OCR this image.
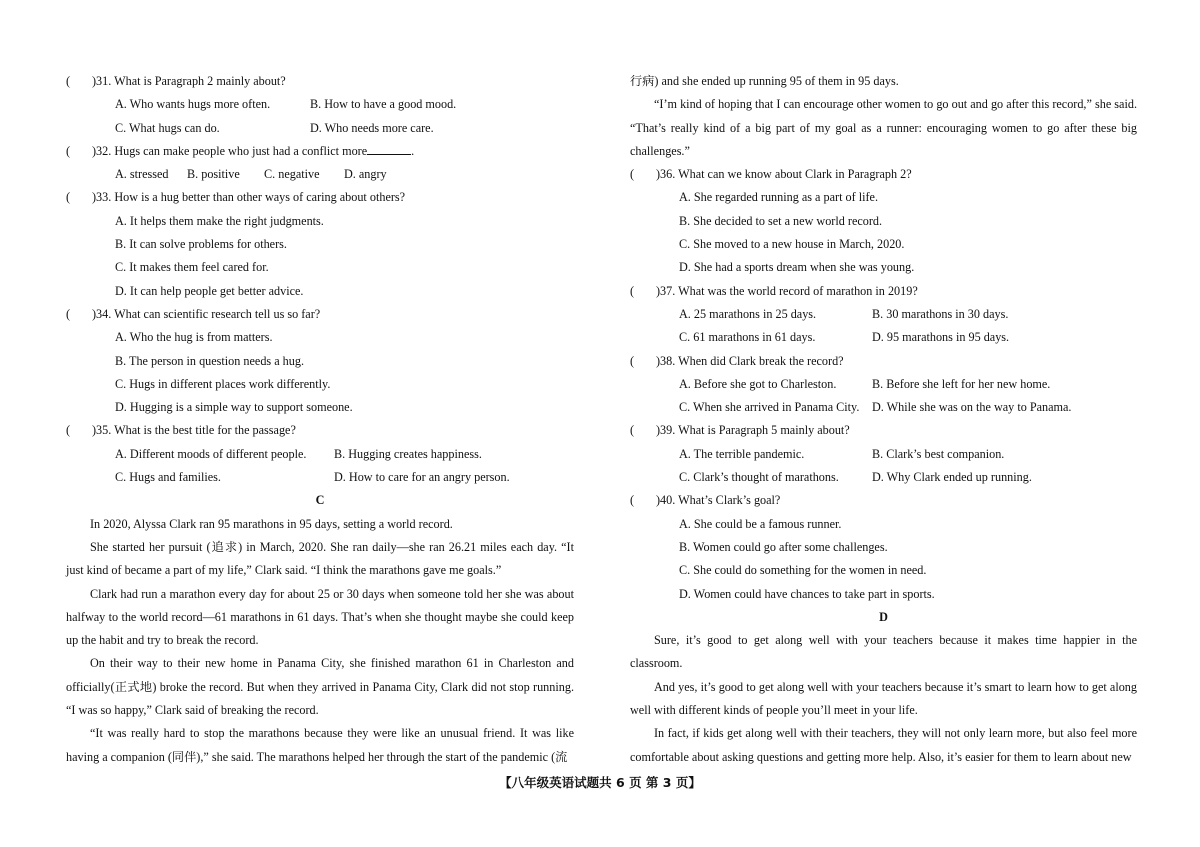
( )31. What is Paragraph 2 mainly about?
A. Who wants hugs more often.	B. How to have a good mood.
C. What hugs can do.	D. Who needs more care.
( )32. Hugs can make people who just had a conflict more	.
A. stressed B. positive C. negative D. angry
( )33. How is a hug better than other ways of caring about others?
A. It helps them make the right judgments.
B. It can solve problems for others.
C. It makes them feel cared for.
D. It can help people get better advice.
( )34. What can scientific research tell us so far?
A. Who the hug is from matters.
B. The person in question needs a hug.
C. Hugs in different places work differently.
D. Hugging is a simple way to support someone.
( )35. What is the best title for the passage?
A. Different moods of different people. B. Hugging creates happiness.
C. Hugs and families.	D. How to care for an angry person.
C
In 2020, Alyssa Clark ran 95 marathons in 95 days, setting a world record.
She started her pursuit (追求) in March, 2020. She ran daily—she ran 26.21 miles each day. “It just kind of became a part of my life,” Clark said. “I think the marathons gave me goals.”
Clark had run a marathon every day for about 25 or 30 days when someone told her she was about halfway to the world record—61 marathons in 61 days. That’s when she thought maybe she could keep up the habit and try to break the record.
On their way to their new home in Panama City, she finished marathon 61 in Charleston and officially(正式地) broke the record. But when they arrived in Panama City, Clark did not stop running. “I was so happy,” Clark said of breaking the record.
“It was really hard to stop the marathons because they were like an unusual friend. It was like having a companion (同伴),” she said. The marathons helped her through the start of the pandemic (流
行病) and she ended up running 95 of them in 95 days.
“I’m kind of hoping that I can encourage other women to go out and go after this record,” she said. “That’s really kind of a big part of my goal as a runner: encouraging women to go after these big challenges.”
( )36. What can we know about Clark in Paragraph 2?
A. She regarded running as a part of life.
B. She decided to set a new world record.
C. She moved to a new house in March, 2020.
D. She had a sports dream when she was young.
( )37. What was the world record of marathon in 2019?
A. 25 marathons in 25 days.	B. 30 marathons in 30 days.
C. 61 marathons in 61 days.	D. 95 marathons in 95 days.
( )38. When did Clark break the record?
A. Before she got to Charleston.	B. Before she left for her new home.
C. When she arrived in Panama City. D. While she was on the way to Panama.
( )39. What is Paragraph 5 mainly about?
A. The terrible pandemic.	B. Clark’s best companion.
C. Clark’s thought of marathons.	D. Why Clark ended up running.
( )40. What’s Clark’s goal?
A. She could be a famous runner.
B. Women could go after some challenges.
C. She could do something for the women in need.
D. Women could have chances to take part in sports.
D
Sure, it’s good to get along well with your teachers because it makes time happier in the classroom.
And yes, it’s good to get along well with your teachers because it’s smart to learn how to get along well with different kinds of people you’ll meet in your life.
In fact, if kids get along well with their teachers, they will not only learn more, but also feel more comfortable about asking questions and getting more help. Also, it’s easier for them to learn about new
【八年级英语试题共 6 页 第 3 页】
